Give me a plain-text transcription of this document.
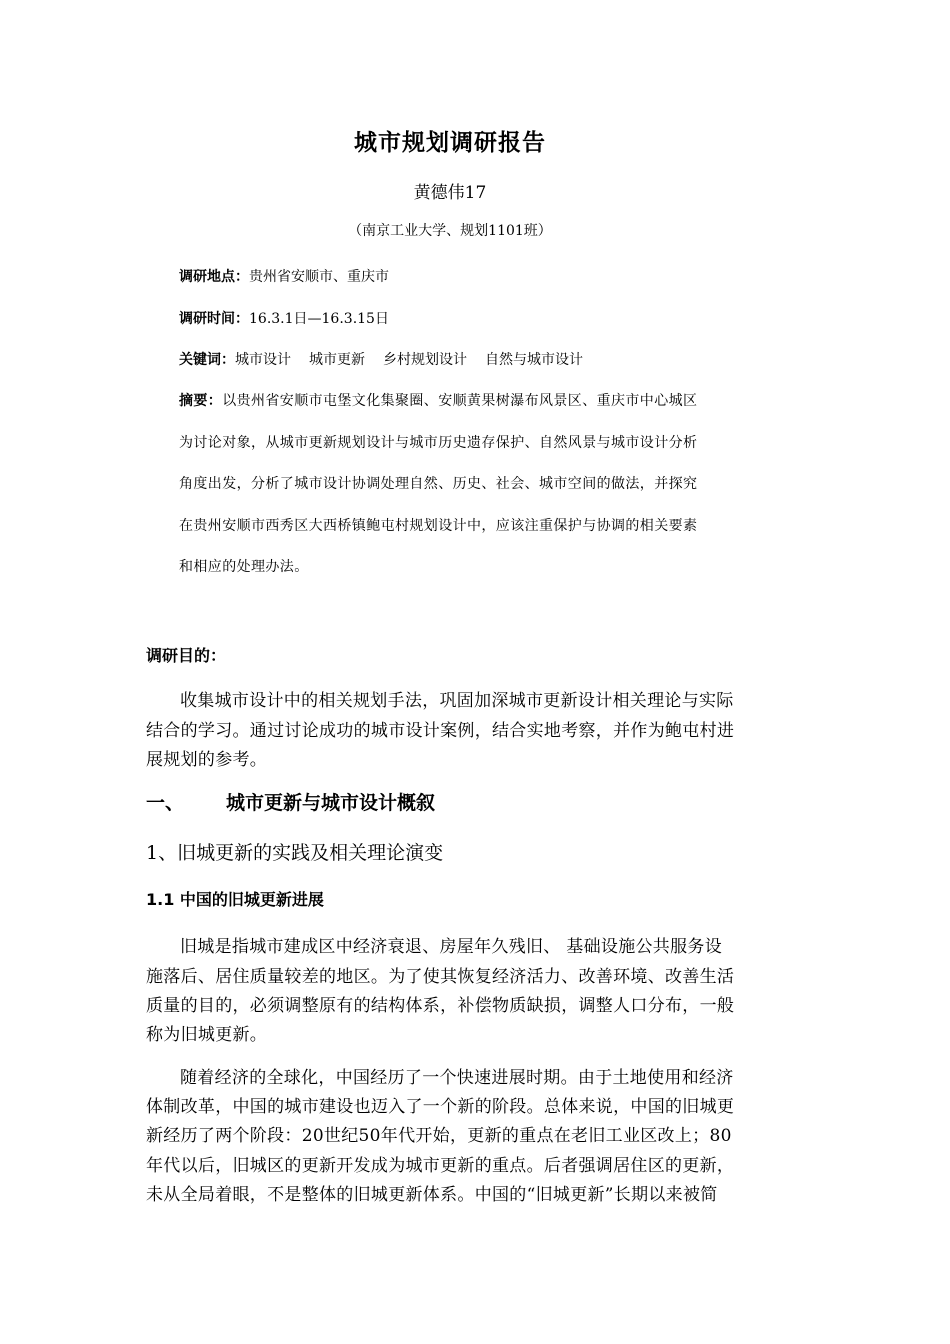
城市规划调研报告
黄德伟17
（南京工业大学、规划1101班）
调研地点：贵州省安顺市、重庆市
调研时间：16.3.1日—16.3.15日
关键词：城市设计 城市更新 乡村规划设计 自然与城市设计
摘要：以贵州省安顺市屯堡文化集聚圈、安顺黄果树瀑布风景区、重庆市中心城区
为讨论对象，从城市更新规划设计与城市历史遗存保护、自然风景与城市设计分析
角度出发，分析了城市设计协调处理自然、历史、社会、城市空间的做法，并探究
在贵州安顺市西秀区大西桥镇鲍屯村规划设计中，应该注重保护与协调的相关要素
和相应的处理办法。
调研目的：
收集城市设计中的相关规划手法，巩固加深城市更新设计相关理论与实际
结合的学习。通过讨论成功的城市设计案例，结合实地考察，并作为鲍屯村进
展规划的参考。
一、 城市更新与城市设计概叙
1、旧城更新的实践及相关理论演变
1.1 中国的旧城更新进展
旧城是指城市建成区中经济衰退、房屋年久残旧、 基础设施公共服务设
施落后、居住质量较差的地区。为了使其恢复经济活力、改善环境、改善生活
质量的目的，必须调整原有的结构体系，补偿物质缺损，调整人口分布，一般
称为旧城更新。
随着经济的全球化，中国经历了一个快速进展时期。由于土地使用和经济
体制改革，中国的城市建设也迈入了一个新的阶段。总体来说，中国的旧城更
新经历了两个阶段：20世纪50年代开始，更新的重点在老旧工业区改上；80
年代以后，旧城区的更新开发成为城市更新的重点。后者强调居住区的更新，
未从全局着眼，不是整体的旧城更新体系。中国的“旧城更新”长期以来被简
